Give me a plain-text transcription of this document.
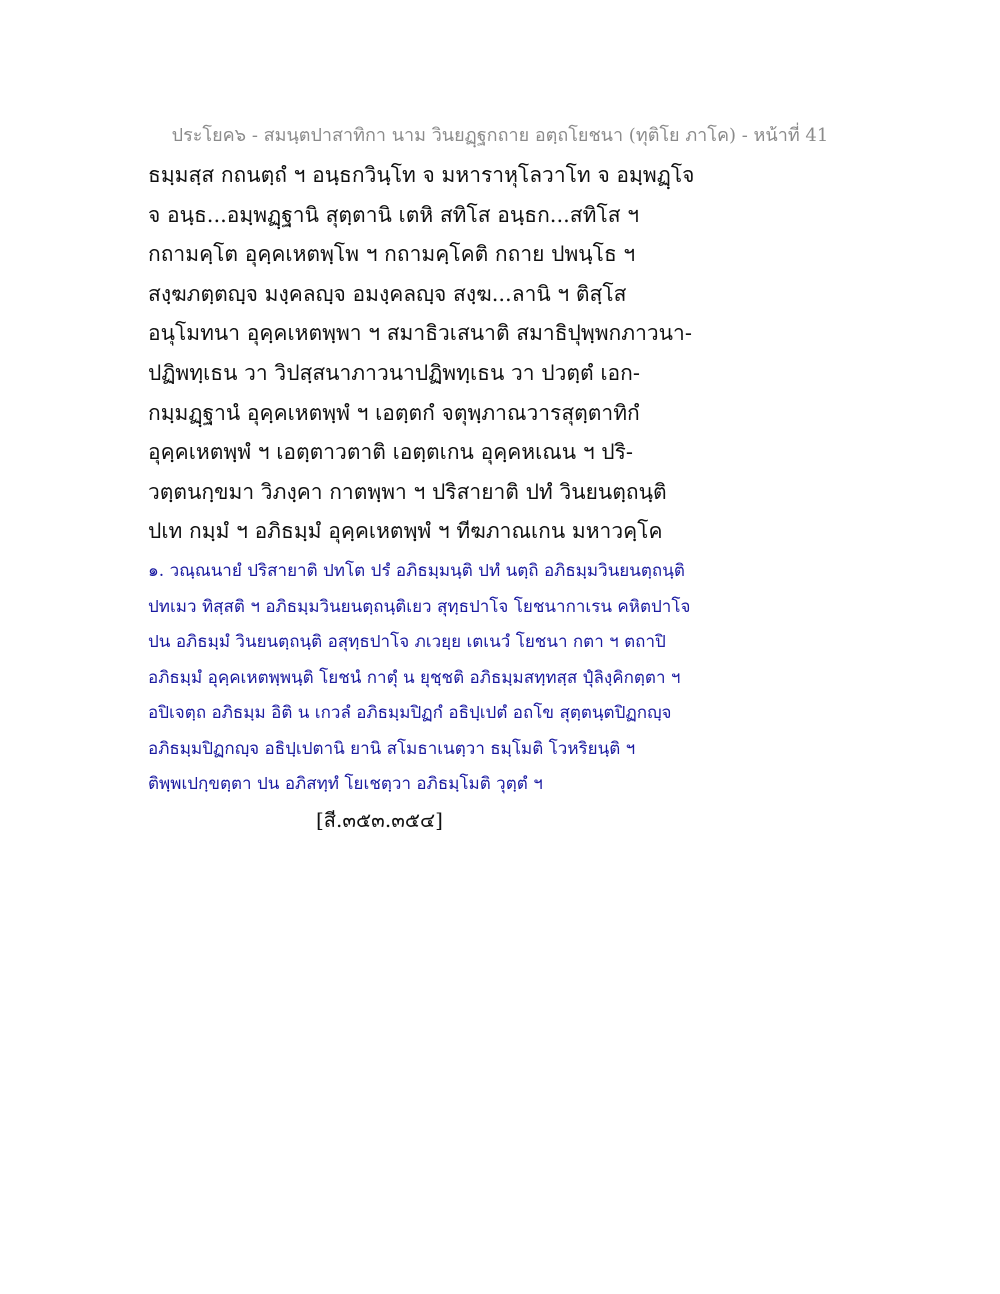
ประโยค๖ - สมนฺตปาสาทิกา นาม วินยฏฺฐกถาย อตฺถโยชนา (ทุติโย ภาโค) - หน้าที่ 41
ธมฺมสฺส กถนตฺถํ ฯ อนฺธกวินฺโท จ มหาราหุโลวาโท จ อมฺพฏฺโจ
จ อนฺธ...อมฺพฏฺฐานิ สุตฺตานิ เตหิ สทิโส อนฺธก...สทิโส ฯ
กถามคฺโต อุคฺคเหตพฺโพ ฯ กถามคฺโคติ กถาย ปพนฺโธ ฯ
สงฺฆภตฺตญฺจ มงฺคลญฺจ อมงฺคลญฺจ สงฺฆ...ลานิ ฯ ติสฺโส
อนุโมทนา อุคฺคเหตพฺพา ฯ สมาธิวเสนาติ สมาธิปุพฺพกภาวนา-
ปฏิพทฺเธน วา วิปสฺสนาภาวนาปฏิพทฺเธน วา ปวตฺตํ เอก-
กมฺมฏฺฐานํ อุคฺคเหตพฺพํ ฯ เอตฺตกํ จตุพฺภาณวารสุตฺตาทิกํ
อุคฺคเหตพฺพํ ฯ เอตฺตาวตาติ เอตฺตเกน อุคฺคหเณน ฯ ปริ-
วตฺตนกฺขมา วิภงฺคา กาตพฺพา ฯ ปริสายาติ ปทํ วินยนตฺถนฺติ
ปเท กมฺมํ ฯ อภิธมฺมํ อุคฺคเหตพฺพํ ฯ ทีฆภาณเกน มหาวคฺโค
๑. วณฺณนายํ ปริสายาติ ปทโต ปรํ อภิธมฺมนฺติ ปทํ นตฺถิ อภิธมฺมวินยนตฺถนฺติ
ปทเมว ทิสฺสติ ฯ อภิธมฺมวินยนตฺถนฺติเยว สุทฺธปาโจ โยชนากาเรน คหิตปาโจ
ปน อภิธมฺมํ วินยนตฺถนฺติ อสุทฺธปาโจ ภเวยฺย เตเนวํ โยชนา กตา ฯ ตถาปิ
อภิธมฺมํ อุคฺคเหตพฺพนฺติ โยชนํ กาตุํ น ยุชฺชติ อภิธมฺมสทฺทสฺส ปุํลิงฺคิกตฺตา ฯ
อปิเจตฺถ อภิธมฺม อิติ น เกวลํ อภิธมฺมปิฏกํ อธิปฺเปตํ อถโข สุตฺตนฺตปิฏกญฺจ
อภิธมฺมปิฏกญฺจ อธิปฺเปตานิ ยานิ สโมธาเนตฺวา ธมฺโมติ โวหริยนฺติ ฯ
ติพฺพเปกฺขตฺตา ปน อภิสทฺทํ โยเชตฺวา อภิธมฺโมติ วุตฺตํ ฯ
[สี.๓๕๓.๓๕๔]
